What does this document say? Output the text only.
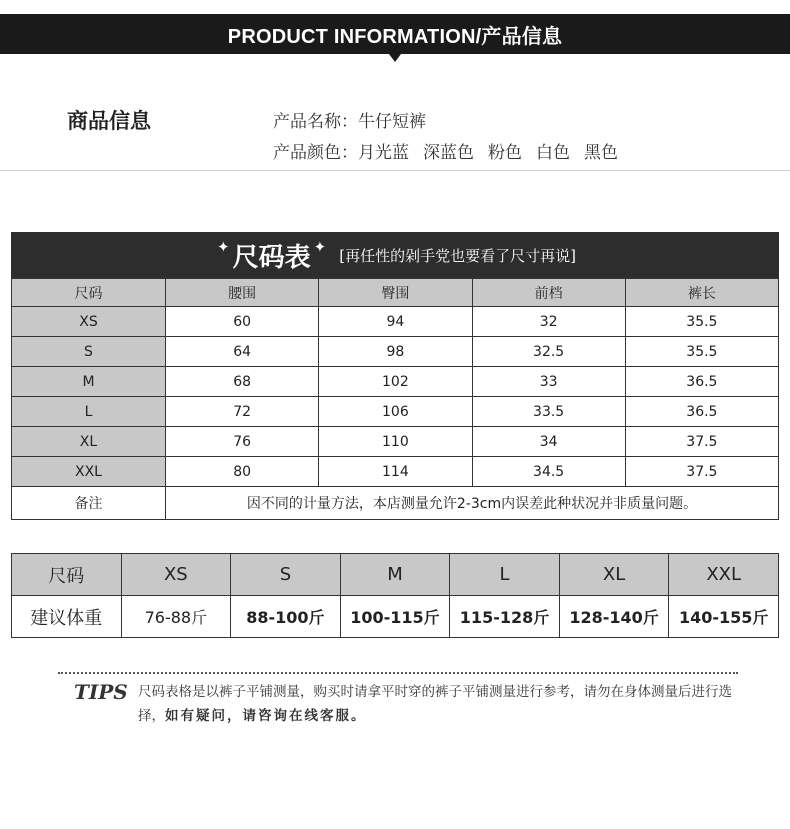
PRODUCT INFORMATION/产品信息
商品信息	产品名称：牛仔短裤
产品颜色：月光蓝 深蓝色 粉色 白色 黑色
✦ 尺码表 ✦ [再任性的剁手党也要看了尺寸再说]
尺码	腰围	臀围	前档	裤长
XS	60	94	32	35.5
S	64	98	32.5	35.5
M	68	102	33	36.5
L	72	106	33.5	36.5
XL	76	110	34	37.5
XXL	80	114	34.5	37.5
备注	因不同的计量方法，本店测量允许2-3cm内误差此种状况并非质量问题。			
尺码	XS	S	M	L	XL	XXL
建议体重	76-88斤	88-100斤	100-115斤	115-128斤	128-140斤	140-155斤
TIPS 尺码表格是以裤子平铺测量，购买时请拿平时穿的裤子平铺测量进行参考，请勿在身体测量后进行选择，如有疑问，请咨询在线客服。
